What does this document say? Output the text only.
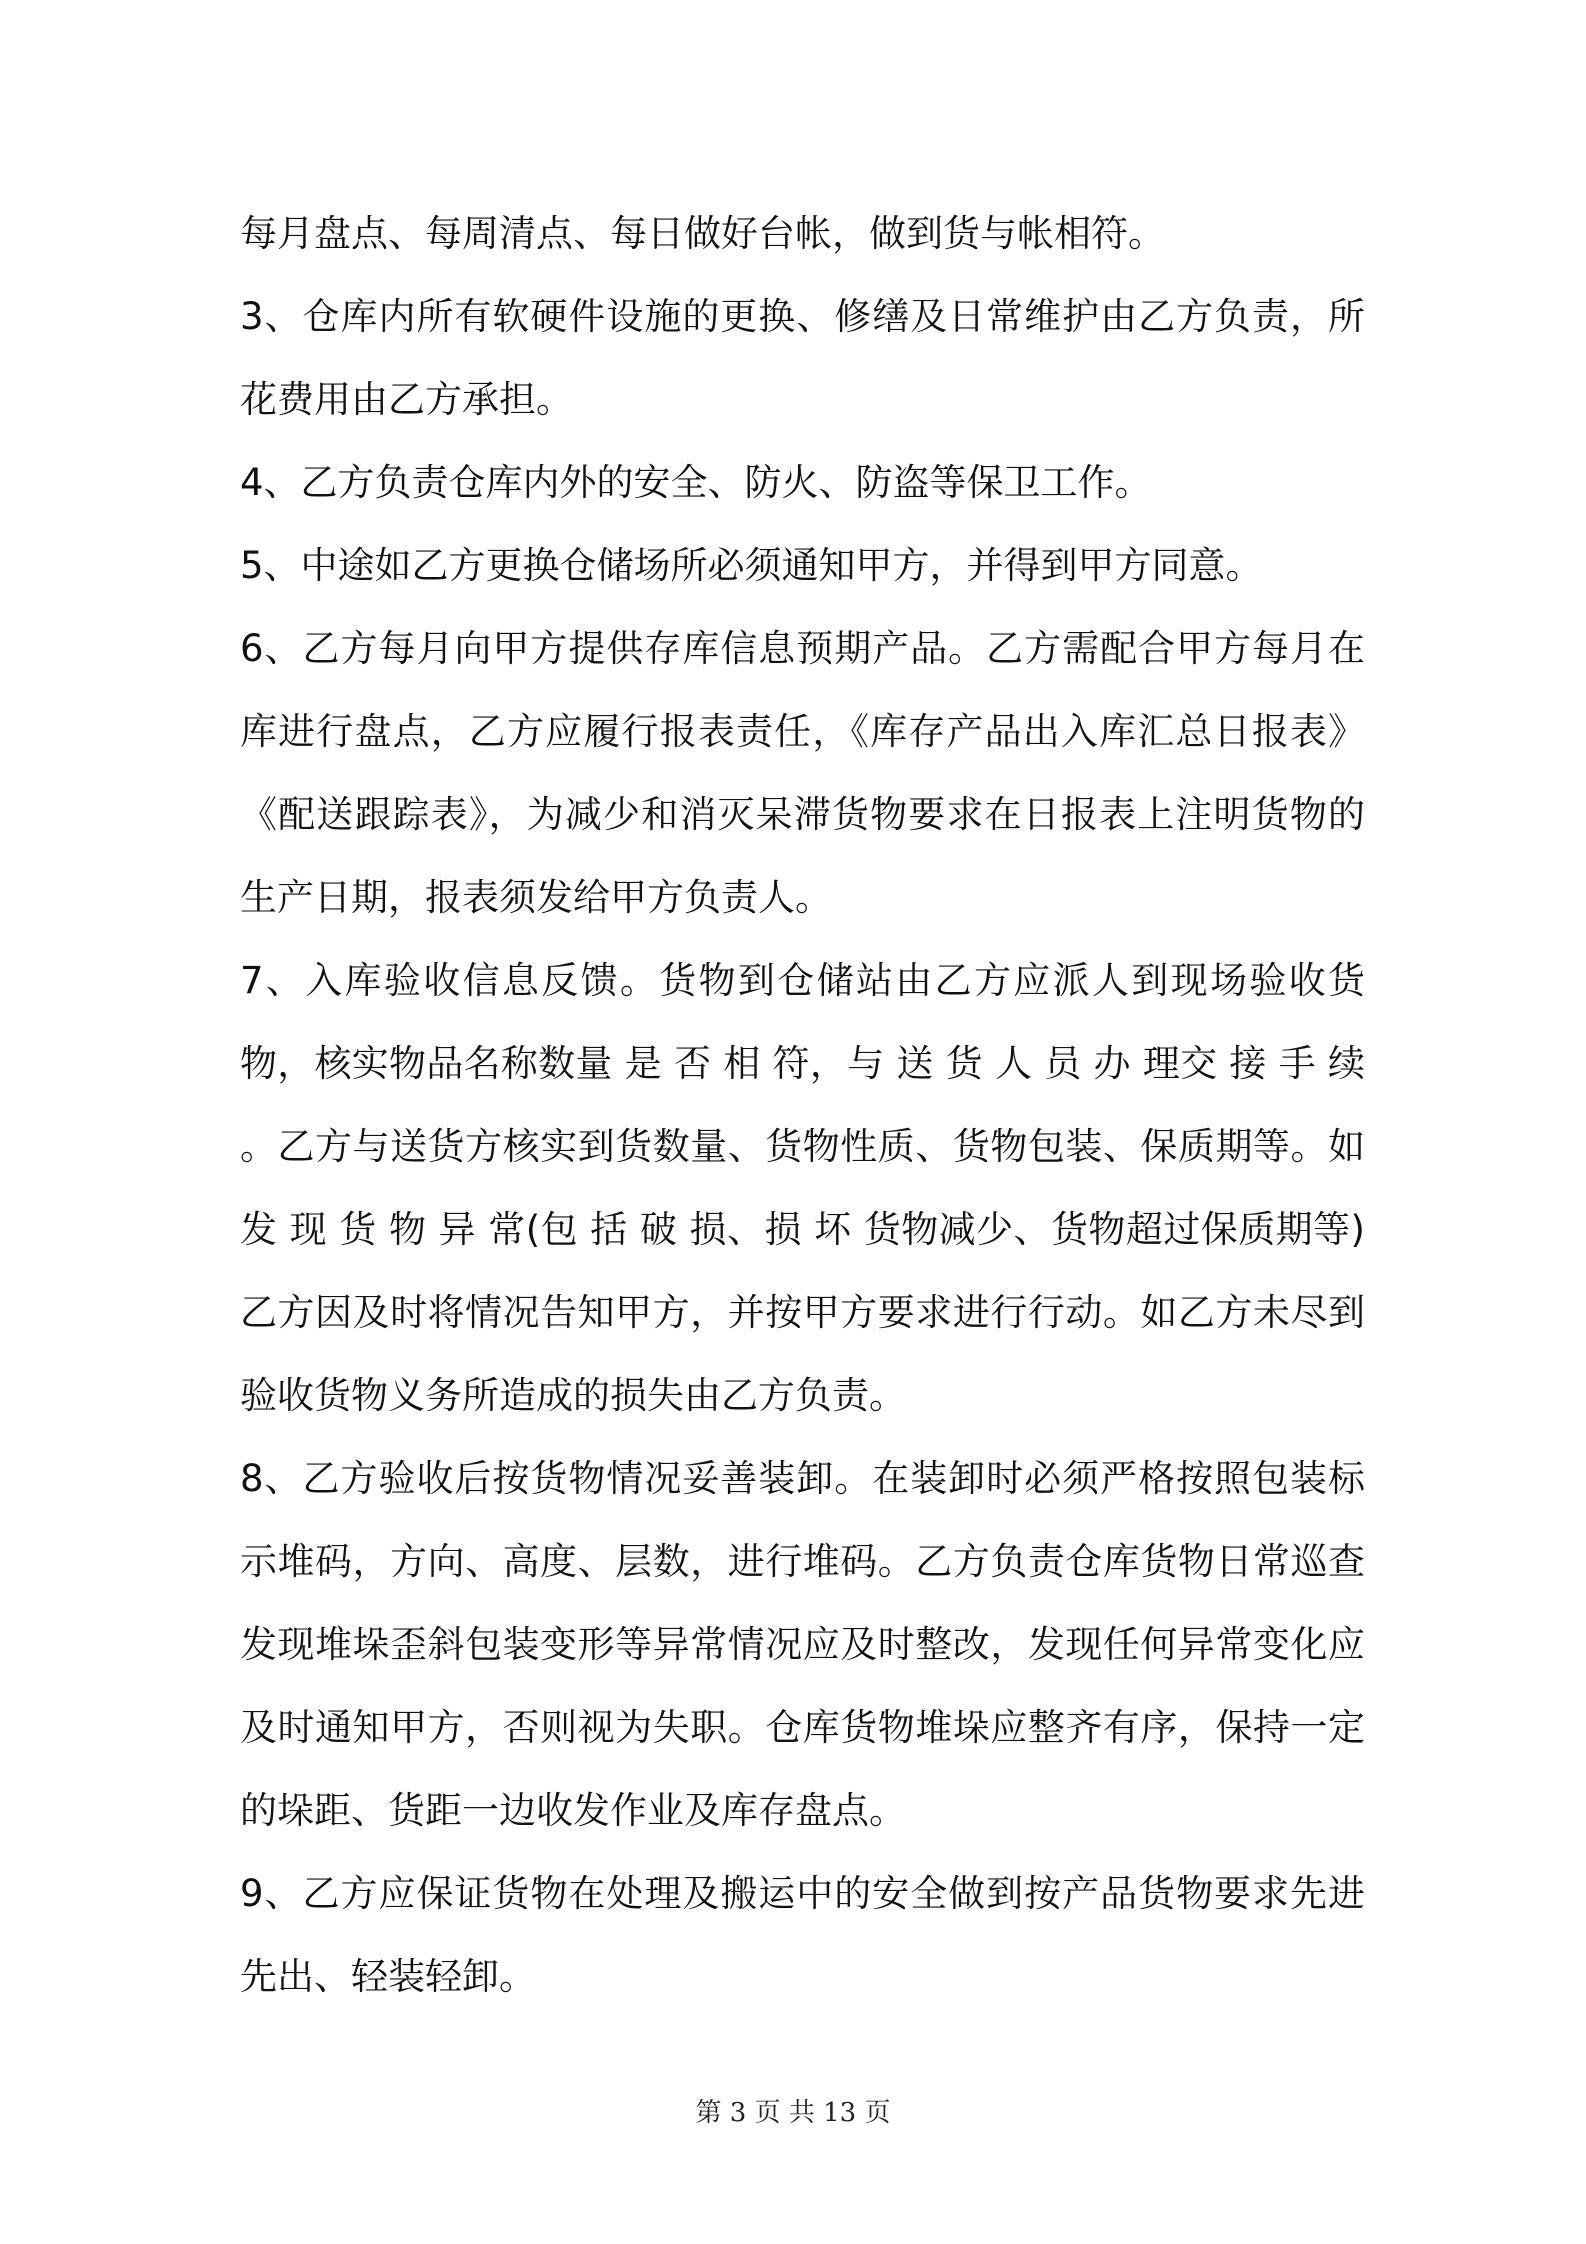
每月盘点、每周清点、每日做好台帐，做到货与帐相符。

3、仓库内所有软硬件设施的更换、修缮及日常维护由乙方负责，所花费用由乙方承担。

4、乙方负责仓库内外的安全、防火、防盗等保卫工作。

5、中途如乙方更换仓储场所必须通知甲方，并得到甲方同意。

6、乙方每月向甲方提供存库信息预期产品。乙方需配合甲方每月在库进行盘点，乙方应履行报表责任，《库存产品出入库汇总日报表》《配送跟踪表》，为减少和消灭呆滞货物要求在日报表上注明货物的生产日期，报表须发给甲方负责人。

7、入库验收信息反馈。货物到仓储站由乙方应派人到现场验收货物，核实物品名称数量 是 否 相 符，与 送 货 人 员 办 理交 接 手 续 。乙方与送货方核实到货数量、货物性质、货物包装、保质期等。如 发 现 货 物 异 常(包 括 破 损、损 坏 货物减少、货物超过保质期等)乙方因及时将情况告知甲方，并按甲方要求进行行动。如乙方未尽到验收货物义务所造成的损失由乙方负责。

8、乙方验收后按货物情况妥善装卸。在装卸时必须严格按照包装标示堆码，方向、高度、层数，进行堆码。乙方负责仓库货物日常巡查发现堆垛歪斜包装变形等异常情况应及时整改，发现任何异常变化应及时通知甲方，否则视为失职。仓库货物堆垛应整齐有序，保持一定的垛距、货距一边收发作业及库存盘点。

9、乙方应保证货物在处理及搬运中的安全做到按产品货物要求先进先出、轻装轻卸。

第 3 页 共 13 页
